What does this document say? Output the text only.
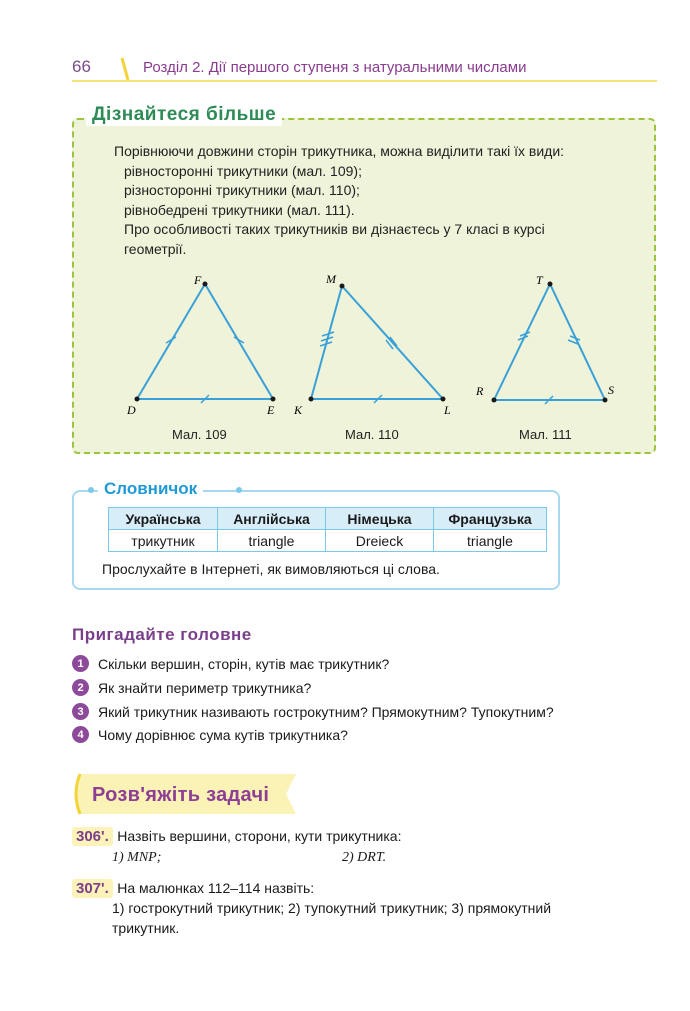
66	Розділ 2. Дії першого ступеня з натуральними числами
Дізнайтеся більше
Порівнюючи довжини сторін трикутника, можна виділити такі їх види:
рівносторонні трикутники (мал. 109);
різносторонні трикутники (мал. 110);
рівнобедрені трикутники (мал. 111).
Про особливості таких трикутників ви дізнаєтесь у 7 класі в курсі
геометрії.
F
D	E
Мал. 109
M
K	L
Мал. 110
T
R	S
Мал. 111
Словничок
Українська	Англійська	Німецька	Французька
трикутник	triangle	Dreieck	triangle
Прослухайте в Інтернеті, як вимовляються ці слова.
Пригадайте головне
1	Скільки вершин, сторін, кутів має трикутник?
2	Як знайти периметр трикутника?
3	Який трикутник називають гострокутним? Прямокутним? Тупокутним?
4	Чому дорівнює сума кутів трикутника?
Розв'яжіть задачі
306'. Назвіть вершини, сторони, кути трикутника:
1) MNP;	2) DRT.
307'. На малюнках 112–114 назвіть:
1) гострокутний трикутник; 2) тупокутний трикутник; 3) прямокутний
трикутник.
